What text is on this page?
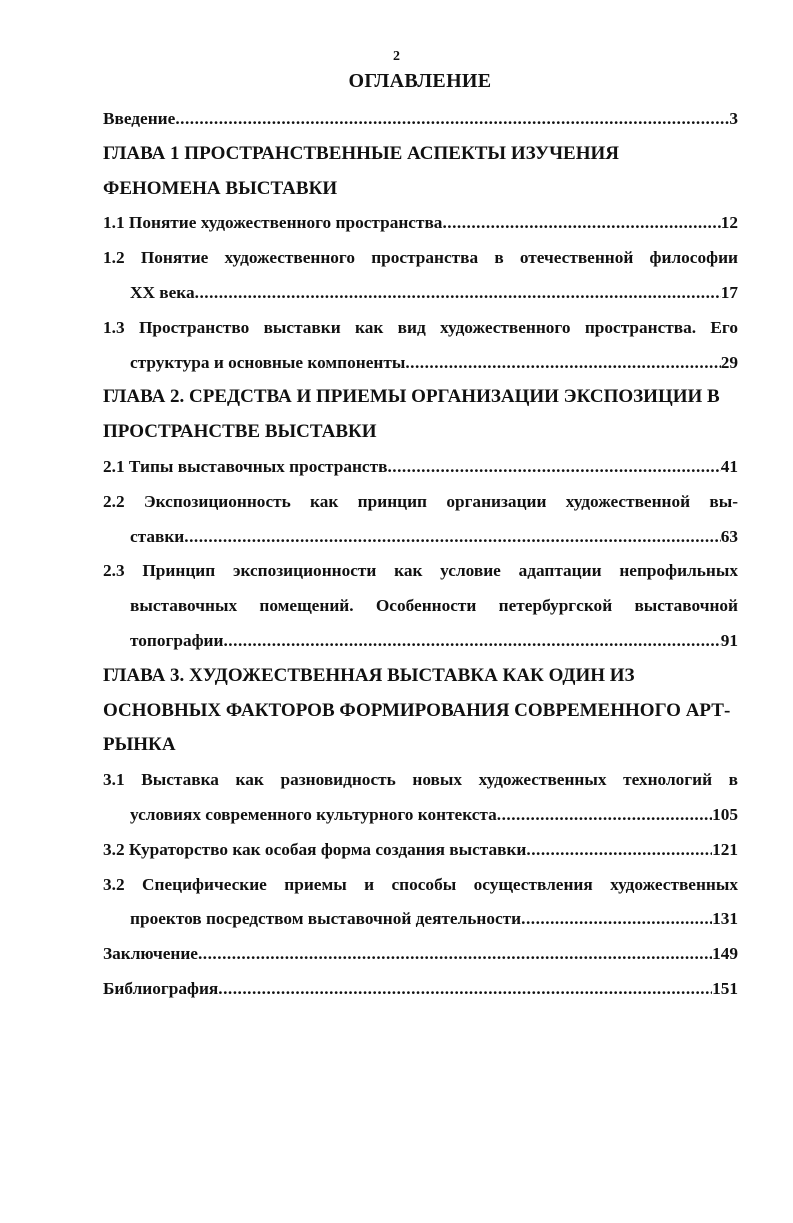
2
ОГЛАВЛЕНИЕ
Введение .....	3
ГЛАВА 1 ПРОСТРАНСТВЕННЫЕ АСПЕКТЫ ИЗУЧЕНИЯ
ФЕНОМЕНА ВЫСТАВКИ
1.1 Понятие художественного пространства .....	12
1.2 Понятие художественного пространства в отечественной философии
XX века .....	17
1.3 Пространство выставки как вид художественного пространства. Его
структура и основные компоненты .....	29
ГЛАВА 2. СРЕДСТВА И ПРИЕМЫ ОРГАНИЗАЦИИ ЭКСПОЗИЦИИ В
ПРОСТРАНСТВЕ ВЫСТАВКИ
2.1 Типы выставочных пространств .....	41
2.2 Экспозиционность как принцип организации художественной вы-
ставки .....	63
2.3 Принцип экспозиционности как условие адаптации непрофильных
выставочных помещений. Особенности петербургской выставочной
топографии .....	91
ГЛАВА 3. ХУДОЖЕСТВЕННАЯ ВЫСТАВКА КАК ОДИН ИЗ
ОСНОВНЫХ ФАКТОРОВ ФОРМИРОВАНИЯ СОВРЕМЕННОГО АРТ-
РЫНКА
3.1 Выставка как разновидность новых художественных технологий в
условиях современного культурного контекста .....	105
3.2 Кураторство как особая форма создания выставки .....	121
3.2 Специфические приемы и способы осуществления художественных
проектов посредством выставочной деятельности .....	131
Заключение .....	149
Библиография .....	151
